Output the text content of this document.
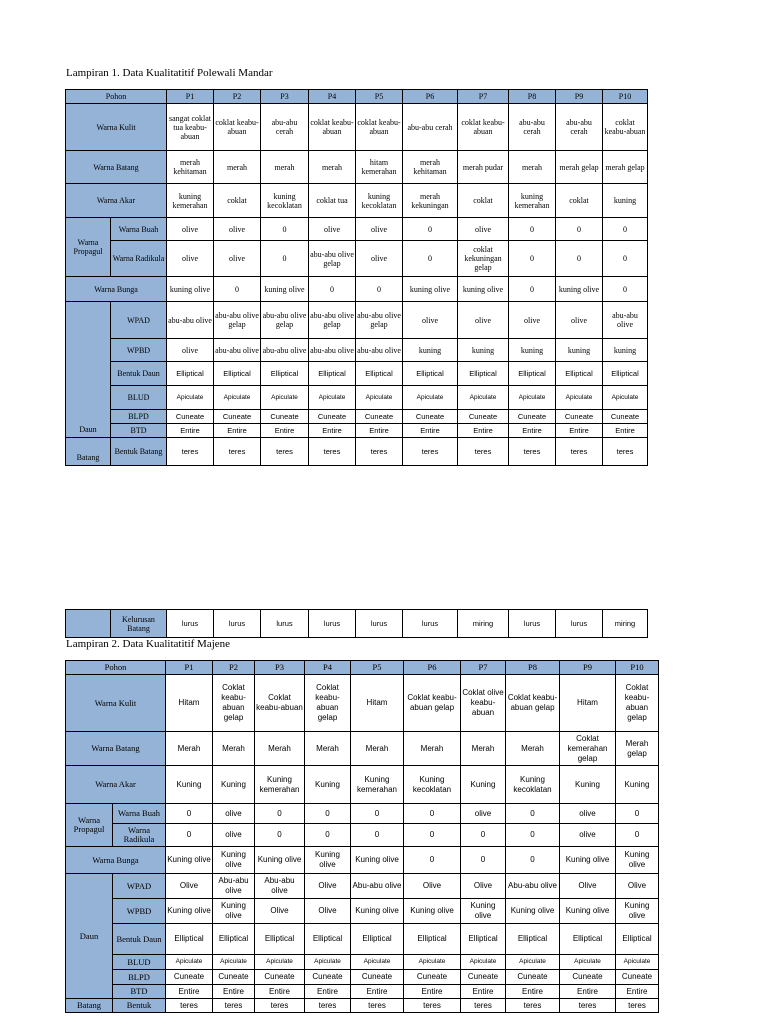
Lampiran 1. Data Kualitatitif Polewali Mandar
Pohon		P1	P2	P3	P4	P5	P6	P7	P8	P9	P10
Warna Kulit		sangat coklat tua keabu-abuan	coklat keabu-abuan	abu-abu cerah	coklat keabu-abuan	coklat keabu-abuan	abu-abu cerah	coklat keabu-abuan	abu-abu cerah	abu-abu cerah	coklat keabu-abuan
Warna Batang		merah kehitaman	merah	merah	merah	hitam kemerahan	merah kehitaman	merah pudar	merah	merah gelap	merah gelap
Warna Akar		kuning kemerahan	coklat	kuning kecoklatan	coklat tua	kuning kecoklatan	merah kekuningan	coklat	kuning kemerahan	coklat	kuning
Warna Propagul	Warna Buah	olive	olive	0	olive	olive	0	olive	0	0	0
	Warna Radikula	olive	olive	0	abu-abu olive gelap	olive	0	coklat kekuningan gelap	0	0	0
Warna Bunga		kuning olive	0	kuning olive	0	0	kuning olive	kuning olive	0	kuning olive	0
Daun	WPAD	abu-abu olive	abu-abu olive gelap	abu-abu olive gelap	abu-abu olive gelap	abu-abu olive gelap	olive	olive	olive	olive	abu-abu olive
	WPBD	olive	abu-abu olive	abu-abu olive	abu-abu olive	abu-abu olive	kuning	kuning	kuning	kuning	kuning
	Bentuk Daun	Elliptical	Elliptical	Elliptical	Elliptical	Elliptical	Elliptical	Elliptical	Elliptical	Elliptical	Elliptical
	BLUD	Apiculate	Apiculate	Apiculate	Apiculate	Apiculate	Apiculate	Apiculate	Apiculate	Apiculate	Apiculate
	BLPD	Cuneate	Cuneate	Cuneate	Cuneate	Cuneate	Cuneate	Cuneate	Cuneate	Cuneate	Cuneate
	BTD	Entire	Entire	Entire	Entire	Entire	Entire	Entire	Entire	Entire	Entire
Batang	Bentuk Batang	teres	teres	teres	teres	teres	teres	teres	teres	teres	teres
	Kelurusan Batang	lurus	lurus	lurus	lurus	lurus	lurus	miring	lurus	lurus	miring
Lampiran 2. Data Kualitatitif Majene
Pohon		P1	P2	P3	P4	P5	P6	P7	P8	P9	P10
Warna Kulit		Hitam	Coklat keabu-abuan gelap	Coklat keabu-abuan	Coklat keabu-abuan gelap	Hitam	Coklat keabu-abuan gelap	Coklat olive keabu-abuan	Coklat keabu-abuan gelap	Hitam	Coklat keabu-abuan gelap
Warna Batang		Merah	Merah	Merah	Merah	Merah	Merah	Merah	Merah	Coklat kemerahan gelap	Merah gelap
Warna Akar		Kuning	Kuning	Kuning kemerahan	Kuning	Kuning kemerahan	Kuning kecoklatan	Kuning	Kuning kecoklatan	Kuning	Kuning
Warna Propagul	Warna Buah	0	olive	0	0	0	0	olive	0	olive	0
	Warna Radikula	0	olive	0	0	0	0	0	0	olive	0
Warna Bunga		Kuning olive	Kuning olive	Kuning olive	Kuning olive	Kuning olive	0	0	0	Kuning olive	Kuning olive
Daun	WPAD	Olive	Abu-abu olive	Abu-abu olive	Olive	Abu-abu olive	Olive	Olive	Abu-abu olive	Olive	Olive
	WPBD	Kuning olive	Kuning olive	Olive	Olive	Kuning olive	Kuning olive	Kuning olive	Kuning olive	Kuning olive	Kuning olive
	Bentuk Daun	Elliptical	Elliptical	Elliptical	Elliptical	Elliptical	Elliptical	Elliptical	Elliptical	Elliptical	Elliptical
	BLUD	Apiculate	Apiculate	Apiculate	Apiculate	Apiculate	Apiculate	Apiculate	Apiculate	Apiculate	Apiculate
	BLPD	Cuneate	Cuneate	Cuneate	Cuneate	Cuneate	Cuneate	Cuneate	Cuneate	Cuneate	Cuneate
	BTD	Entire	Entire	Entire	Entire	Entire	Entire	Entire	Entire	Entire	Entire
Batang	Bentuk	teres	teres	teres	teres	teres	teres	teres	teres	teres	teres
